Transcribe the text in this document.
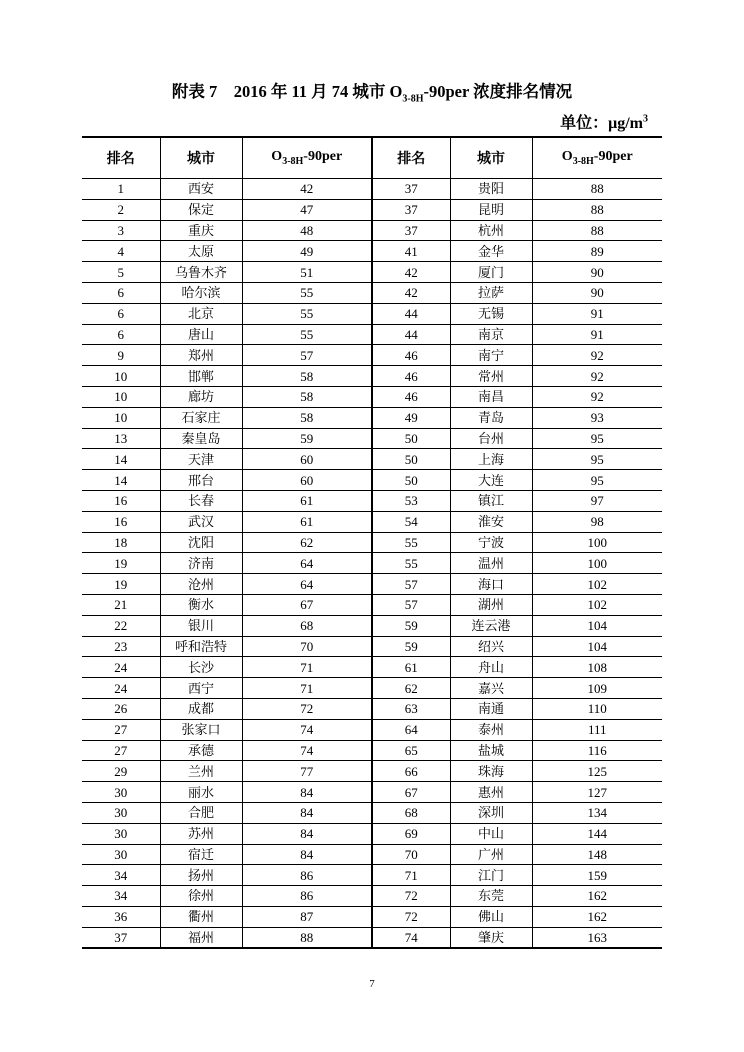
附表 7　2016 年 11 月 74 城市 $O_{3-8H}-90per$ 浓度排名情况
单位：$\mu g/m^3$
排名	城市	$O_{3-8H}-90per$	排名	城市	$O_{3-8H}-90per$
1	西安	42	37	贵阳	88
2	保定	47	37	昆明	88
3	重庆	48	37	杭州	88
4	太原	49	41	金华	89
5	乌鲁木齐	51	42	厦门	90
6	哈尔滨	55	42	拉萨	90
6	北京	55	44	无锡	91
6	唐山	55	44	南京	91
9	郑州	57	46	南宁	92
10	邯郸	58	46	常州	92
10	廊坊	58	46	南昌	92
10	石家庄	58	49	青岛	93
13	秦皇岛	59	50	台州	95
14	天津	60	50	上海	95
14	邢台	60	50	大连	95
16	长春	61	53	镇江	97
16	武汉	61	54	淮安	98
18	沈阳	62	55	宁波	100
19	济南	64	55	温州	100
19	沧州	64	57	海口	102
21	衡水	67	57	湖州	102
22	银川	68	59	连云港	104
23	呼和浩特	70	59	绍兴	104
24	长沙	71	61	舟山	108
24	西宁	71	62	嘉兴	109
26	成都	72	63	南通	110
27	张家口	74	64	泰州	111
27	承德	74	65	盐城	116
29	兰州	77	66	珠海	125
30	丽水	84	67	惠州	127
30	合肥	84	68	深圳	134
30	苏州	84	69	中山	144
30	宿迁	84	70	广州	148
34	扬州	86	71	江门	159
34	徐州	86	72	东莞	162
36	衢州	87	72	佛山	162
37	福州	88	74	肇庆	163
7
